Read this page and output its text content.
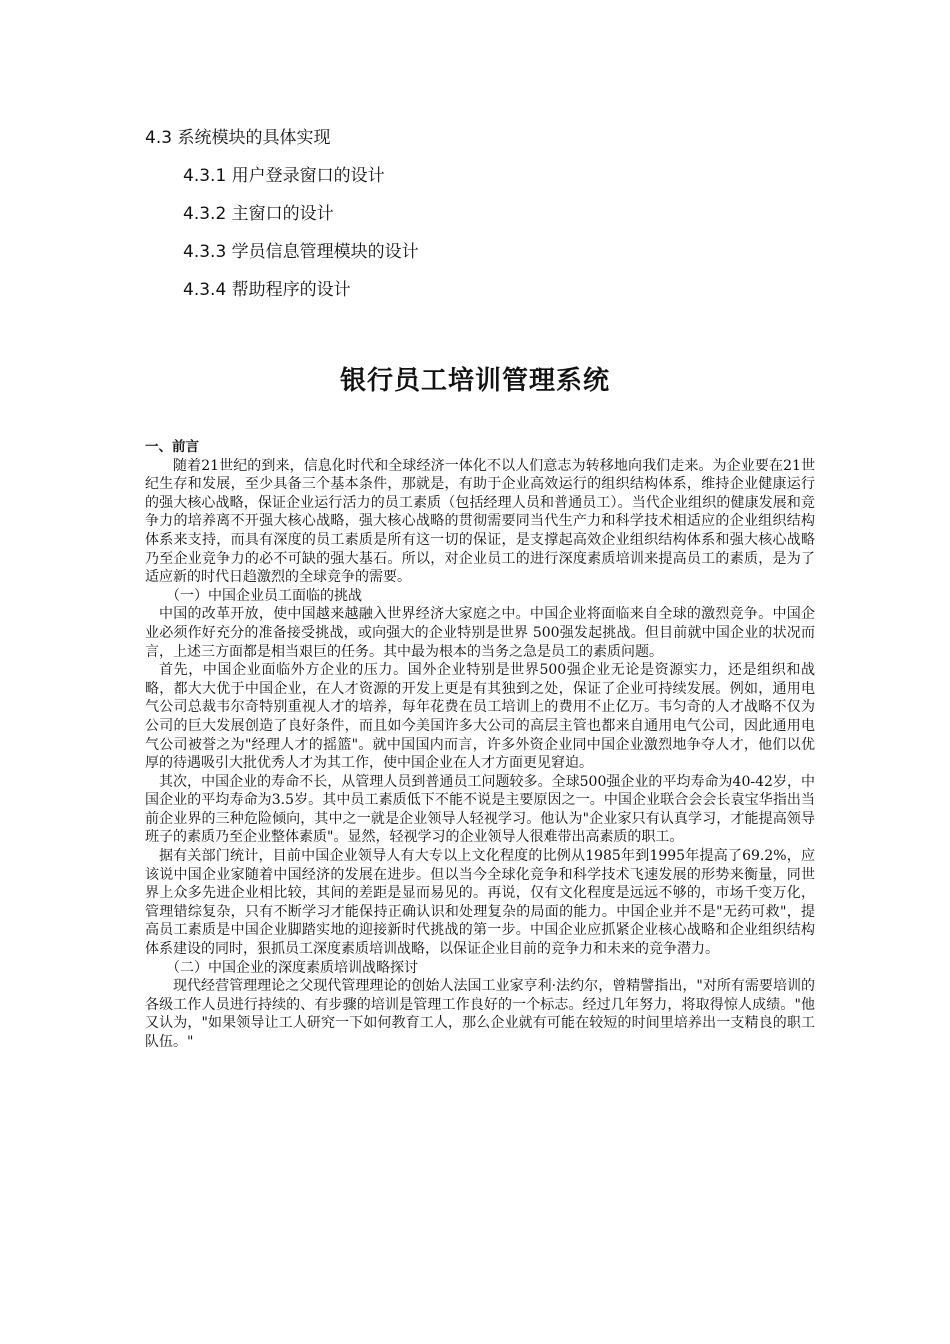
4.3 系统模块的具体实现
4.3.1 用户登录窗口的设计
4.3.2 主窗口的设计
4.3.3 学员信息管理模块的设计
4.3.4 帮助程序的设计
银行员工培训管理系统
一、前言

随着21世纪的到来，信息化时代和全球经济一体化不以人们意志为转移地向我们走来。为企业要在21世纪生存和发展，至少具备三个基本条件，那就是，有助于企业高效运行的组织结构体系，维持企业健康运行的强大核心战略，保证企业运行活力的员工素质（包括经理人员和普通员工）。当代企业组织的健康发展和竞争力的培养离不开强大核心战略，强大核心战略的贯彻需要同当代生产力和科学技术相适应的企业组织结构体系来支持，而具有深度的员工素质是所有这一切的保证，是支撑起高效企业组织结构体系和强大核心战略乃至企业竞争力的必不可缺的强大基石。所以，对企业员工的进行深度素质培训来提高员工的素质，是为了适应新的时代日趋激烈的全球竞争的需要。

（一）中国企业员工面临的挑战

中国的改革开放，使中国越来越融入世界经济大家庭之中。中国企业将面临来自全球的激烈竞争。中国企业必须作好充分的准备接受挑战，或向强大的企业特别是世界 500强发起挑战。但目前就中国企业的状况而言，上述三方面都是相当艰巨的任务。其中最为根本的当务之急是员工的素质问题。

首先，中国企业面临外方企业的压力。国外企业特别是世界500强企业无论是资源实力，还是组织和战略，都大大优于中国企业，在人才资源的开发上更是有其独到之处，保证了企业可持续发展。例如，通用电气公司总裁韦尔奇特别重视人才的培养，每年花费在员工培训上的费用不止亿万。韦匀奇的人才战略不仅为公司的巨大发展创造了良好条件，而且如今美国许多大公司的高层主管也都来自通用电气公司，因此通用电气公司被誉之为"经理人才的摇篮"。就中国国内而言，许多外资企业同中国企业激烈地争夺人才，他们以优厚的待遇吸引大批优秀人才为其工作，使中国企业在人才方面更见窘迫。

其次，中国企业的寿命不长，从管理人员到普通员工问题较多。全球500强企业的平均寿命为40-42岁，中国企业的平均寿命为3.5岁。其中员工素质低下不能不说是主要原因之一。中国企业联合会会长袁宝华指出当前企业界的三种危险倾向，其中之一就是企业领导人轻视学习。他认为"企业家只有认真学习，才能提高领导班子的素质乃至企业整体素质"。显然，轻视学习的企业领导人很难带出高素质的职工。

据有关部门统计，目前中国企业领导人有大专以上文化程度的比例从1985年到1995年提高了69.2%，应该说中国企业家随着中国经济的发展在进步。但以当今全球化竞争和科学技术飞速发展的形势来衡量，同世界上众多先进企业相比较，其间的差距是显而易见的。再说，仅有文化程度是远远不够的，市场千变万化，管理错综复杂，只有不断学习才能保持正确认识和处理复杂的局面的能力。中国企业并不是"无药可救"，提高员工素质是中国企业脚踏实地的迎接新时代挑战的第一步。中国企业应抓紧企业核心战略和企业组织结构体系建设的同时，狠抓员工深度素质培训战略，以保证企业目前的竞争力和未来的竞争潜力。

（二）中国企业的深度素质培训战略探讨

现代经营管理理论之父现代管理理论的创始人法国工业家亨利·法约尔，曾精譬指出，"对所有需要培训的各级工作人员进行持续的、有步骤的培训是管理工作良好的一个标志。经过几年努力，将取得惊人成绩。"他又认为，"如果领导让工人研究一下如何教育工人，那么企业就有可能在较短的时间里培养出一支精良的职工队伍。"
